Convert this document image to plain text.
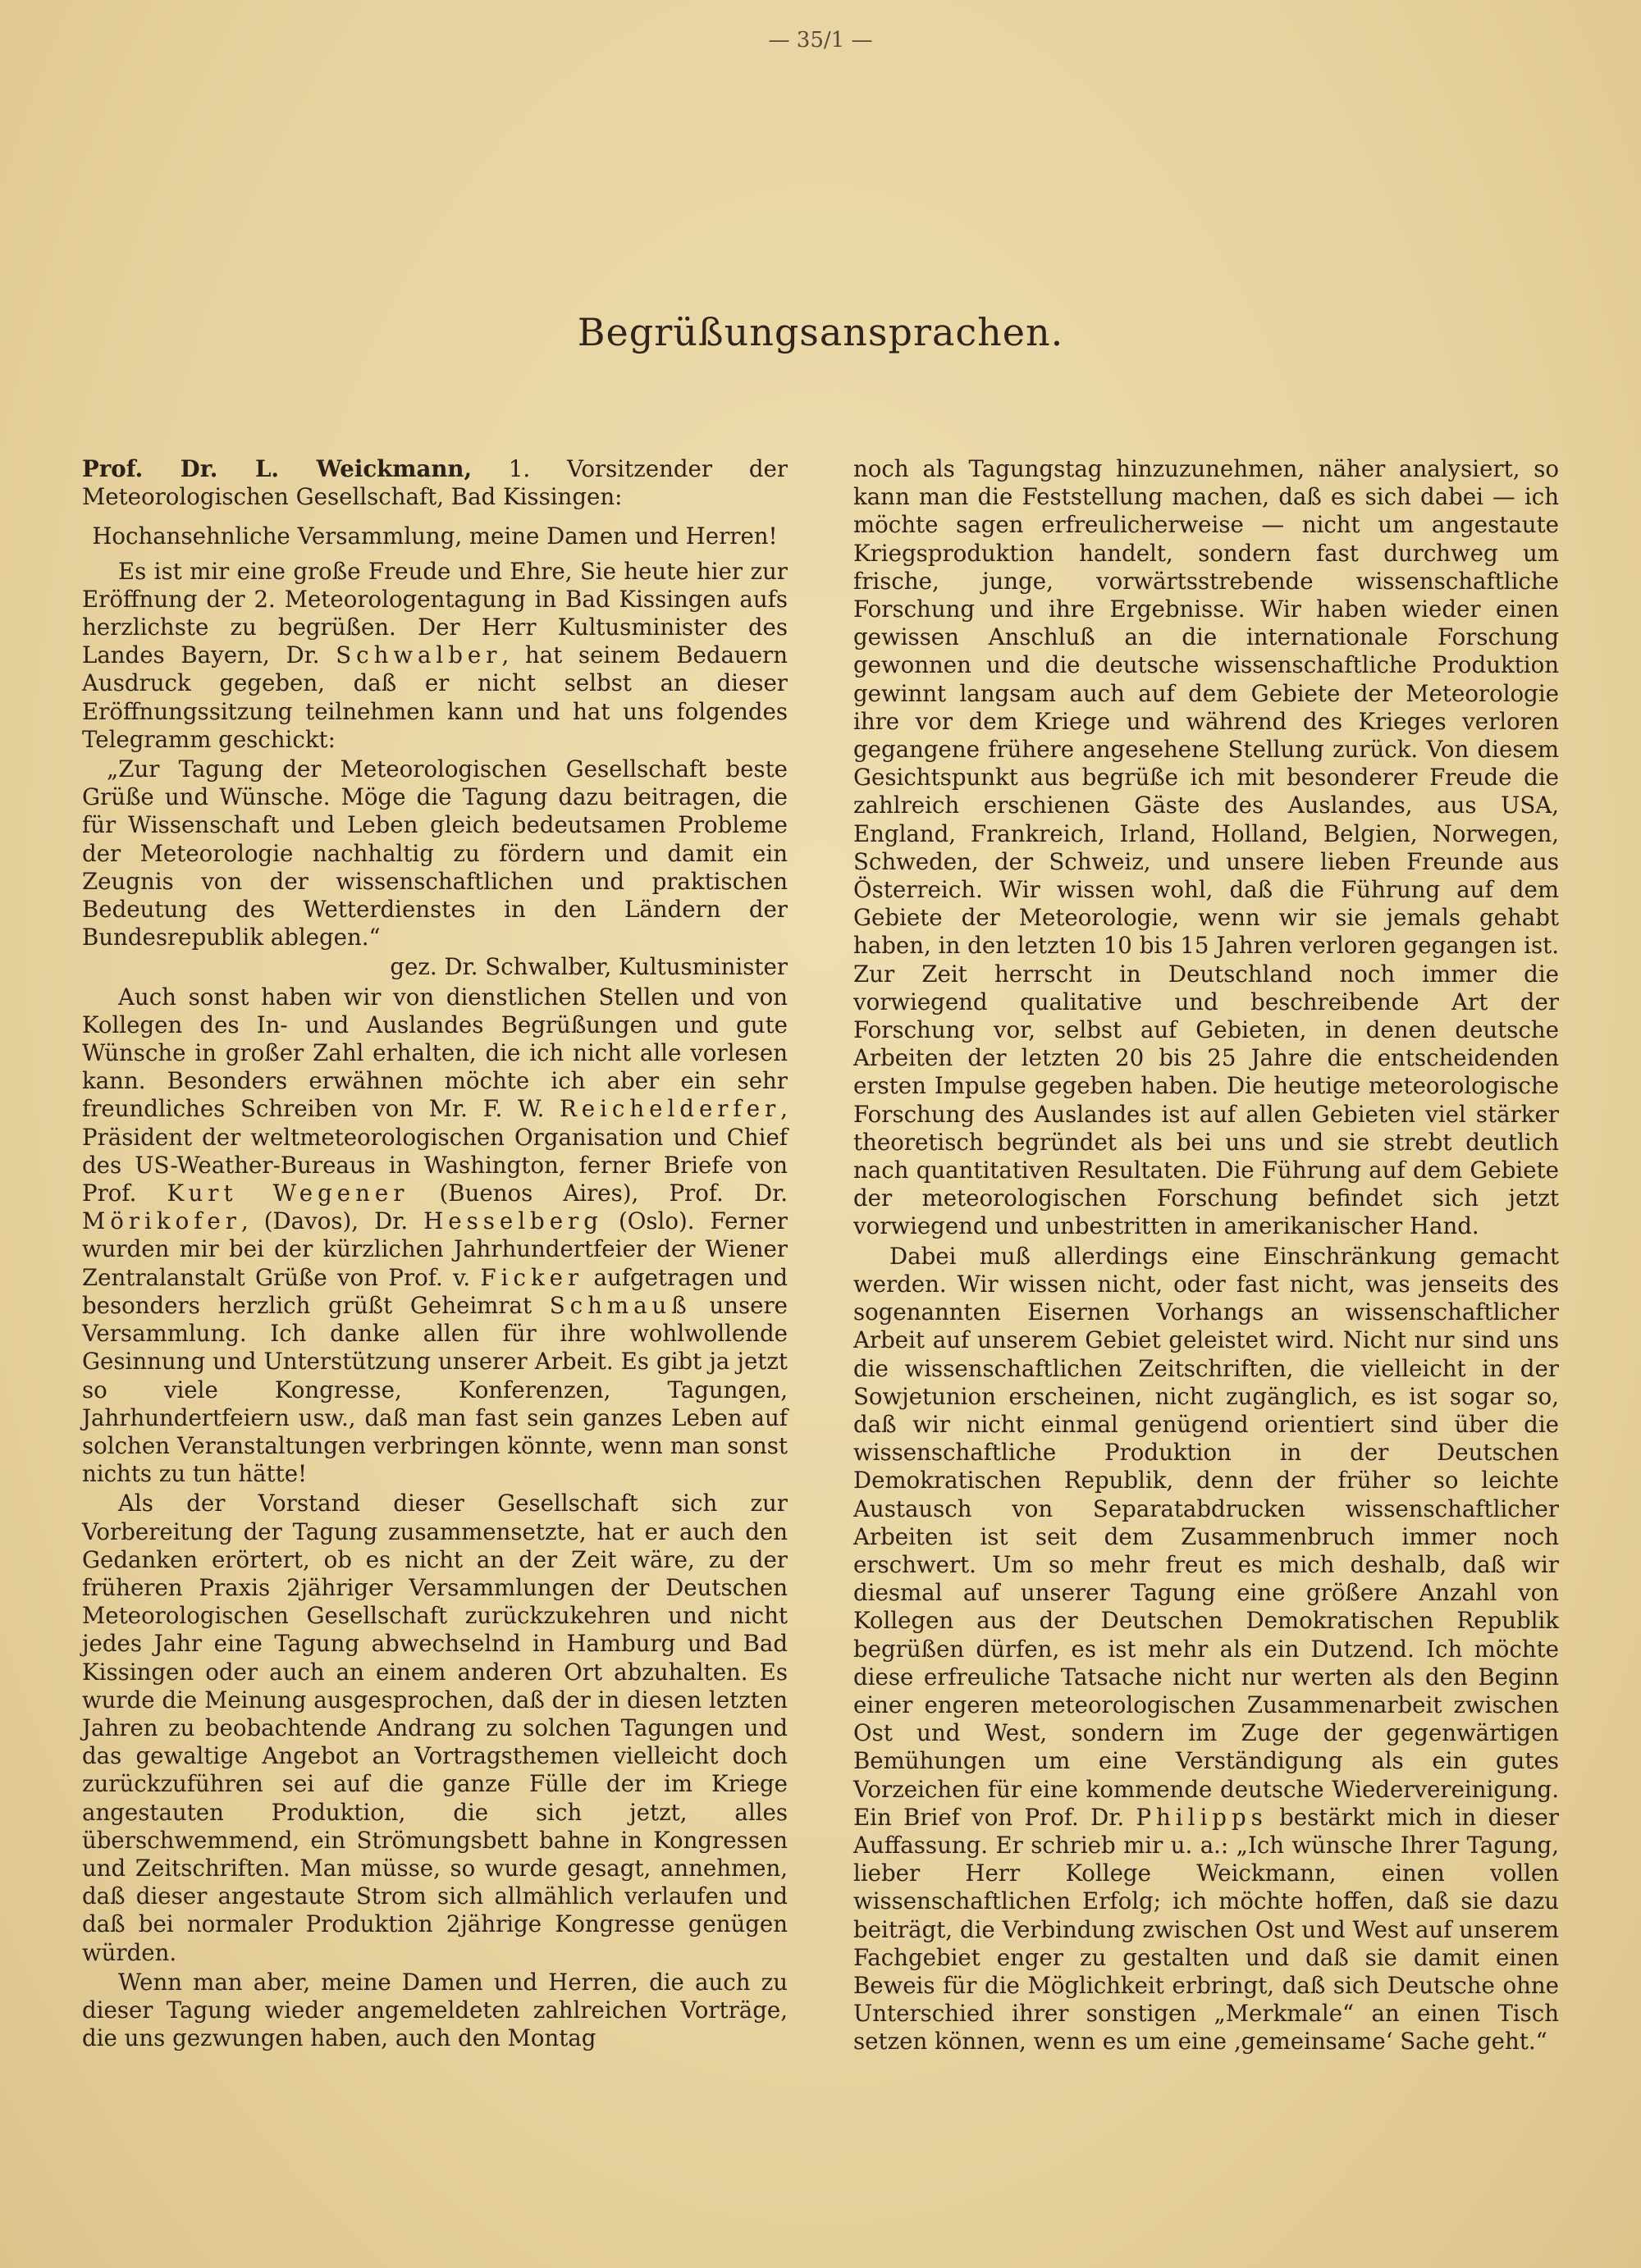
— 35/1 —
Begrüßungsansprachen.

Prof. Dr. L. Weickmann, 1. Vorsitzender der Meteorologischen Gesellschaft, Bad Kissingen:

Hochansehnliche Versammlung, meine Damen und Herren!

Es ist mir eine große Freude und Ehre, Sie heute hier zur Eröffnung der 2. Meteorologentagung in Bad Kissingen aufs herzlichste zu begrüßen. Der Herr Kultusminister des Landes Bayern, Dr. Schwalber, hat seinem Bedauern Ausdruck gegeben, daß er nicht selbst an dieser Eröffnungssitzung teilnehmen kann und hat uns folgendes Telegramm geschickt:

„Zur Tagung der Meteorologischen Gesellschaft beste Grüße und Wünsche. Möge die Tagung dazu beitragen, die für Wissenschaft und Leben gleich bedeutsamen Probleme der Meteorologie nachhaltig zu fördern und damit ein Zeugnis von der wissenschaftlichen und praktischen Bedeutung des Wetterdienstes in den Ländern der Bundesrepublik ablegen.“

gez. Dr. Schwalber, Kultusminister

Auch sonst haben wir von dienstlichen Stellen und von Kollegen des In- und Auslandes Begrüßungen und gute Wünsche in großer Zahl erhalten, die ich nicht alle vorlesen kann. Besonders erwähnen möchte ich aber ein sehr freundliches Schreiben von Mr. F. W. Reichelderfer, Präsident der weltmeteorologischen Organisation und Chief des US-Weather-Bureaus in Washington, ferner Briefe von Prof. Kurt Wegener (Buenos Aires), Prof. Dr. Mörikofer, (Davos), Dr. Hesselberg (Oslo). Ferner wurden mir bei der kürzlichen Jahrhundertfeier der Wiener Zentralanstalt Grüße von Prof. v. Ficker aufgetragen und besonders herzlich grüßt Geheimrat Schmauß unsere Versammlung. Ich danke allen für ihre wohlwollende Gesinnung und Unterstützung unserer Arbeit. Es gibt ja jetzt so viele Kongresse, Konferenzen, Tagungen, Jahrhundertfeiern usw., daß man fast sein ganzes Leben auf solchen Veranstaltungen verbringen könnte, wenn man sonst nichts zu tun hätte!

Als der Vorstand dieser Gesellschaft sich zur Vorbereitung der Tagung zusammensetzte, hat er auch den Gedanken erörtert, ob es nicht an der Zeit wäre, zu der früheren Praxis 2jähriger Versammlungen der Deutschen Meteorologischen Gesellschaft zurückzukehren und nicht jedes Jahr eine Tagung abwechselnd in Hamburg und Bad Kissingen oder auch an einem anderen Ort abzuhalten. Es wurde die Meinung ausgesprochen, daß der in diesen letzten Jahren zu beobachtende Andrang zu solchen Tagungen und das gewaltige Angebot an Vortragsthemen vielleicht doch zurückzuführen sei auf die ganze Fülle der im Kriege angestauten Produktion, die sich jetzt, alles überschwemmend, ein Strömungsbett bahne in Kongressen und Zeitschriften. Man müsse, so wurde gesagt, annehmen, daß dieser angestaute Strom sich allmählich verlaufen und daß bei normaler Produktion 2jährige Kongresse genügen würden.

Wenn man aber, meine Damen und Herren, die auch zu dieser Tagung wieder angemeldeten zahlreichen Vorträge, die uns gezwungen haben, auch den Montag

noch als Tagungstag hinzuzunehmen, näher analysiert, so kann man die Feststellung machen, daß es sich dabei — ich möchte sagen erfreulicherweise — nicht um angestaute Kriegsproduktion handelt, sondern fast durchweg um frische, junge, vorwärtsstrebende wissenschaftliche Forschung und ihre Ergebnisse. Wir haben wieder einen gewissen Anschluß an die internationale Forschung gewonnen und die deutsche wissenschaftliche Produktion gewinnt langsam auch auf dem Gebiete der Meteorologie ihre vor dem Kriege und während des Krieges verloren gegangene frühere angesehene Stellung zurück. Von diesem Gesichtspunkt aus begrüße ich mit besonderer Freude die zahlreich erschienen Gäste des Auslandes, aus USA, England, Frankreich, Irland, Holland, Belgien, Norwegen, Schweden, der Schweiz, und unsere lieben Freunde aus Österreich. Wir wissen wohl, daß die Führung auf dem Gebiete der Meteorologie, wenn wir sie jemals gehabt haben, in den letzten 10 bis 15 Jahren verloren gegangen ist. Zur Zeit herrscht in Deutschland noch immer die vorwiegend qualitative und beschreibende Art der Forschung vor, selbst auf Gebieten, in denen deutsche Arbeiten der letzten 20 bis 25 Jahre die entscheidenden ersten Impulse gegeben haben. Die heutige meteorologische Forschung des Auslandes ist auf allen Gebieten viel stärker theoretisch begründet als bei uns und sie strebt deutlich nach quantitativen Resultaten. Die Führung auf dem Gebiete der meteorologischen Forschung befindet sich jetzt vorwiegend und unbestritten in amerikanischer Hand.

Dabei muß allerdings eine Einschränkung gemacht werden. Wir wissen nicht, oder fast nicht, was jenseits des sogenannten Eisernen Vorhangs an wissenschaftlicher Arbeit auf unserem Gebiet geleistet wird. Nicht nur sind uns die wissenschaftlichen Zeitschriften, die vielleicht in der Sowjetunion erscheinen, nicht zugänglich, es ist sogar so, daß wir nicht einmal genügend orientiert sind über die wissenschaftliche Produktion in der Deutschen Demokratischen Republik, denn der früher so leichte Austausch von Separatabdrucken wissenschaftlicher Arbeiten ist seit dem Zusammenbruch immer noch erschwert. Um so mehr freut es mich deshalb, daß wir diesmal auf unserer Tagung eine größere Anzahl von Kollegen aus der Deutschen Demokratischen Republik begrüßen dürfen, es ist mehr als ein Dutzend. Ich möchte diese erfreuliche Tatsache nicht nur werten als den Beginn einer engeren meteorologischen Zusammenarbeit zwischen Ost und West, sondern im Zuge der gegenwärtigen Bemühungen um eine Verständigung als ein gutes Vorzeichen für eine kommende deutsche Wiedervereinigung. Ein Brief von Prof. Dr. Philipps bestärkt mich in dieser Auffassung. Er schrieb mir u. a.: „Ich wünsche Ihrer Tagung, lieber Herr Kollege Weickmann, einen vollen wissenschaftlichen Erfolg; ich möchte hoffen, daß sie dazu beiträgt, die Verbindung zwischen Ost und West auf unserem Fachgebiet enger zu gestalten und daß sie damit einen Beweis für die Möglichkeit erbringt, daß sich Deutsche ohne Unterschied ihrer sonstigen „Merkmale“ an einen Tisch setzen können, wenn es um eine ‚gemeinsame‘ Sache geht.“
